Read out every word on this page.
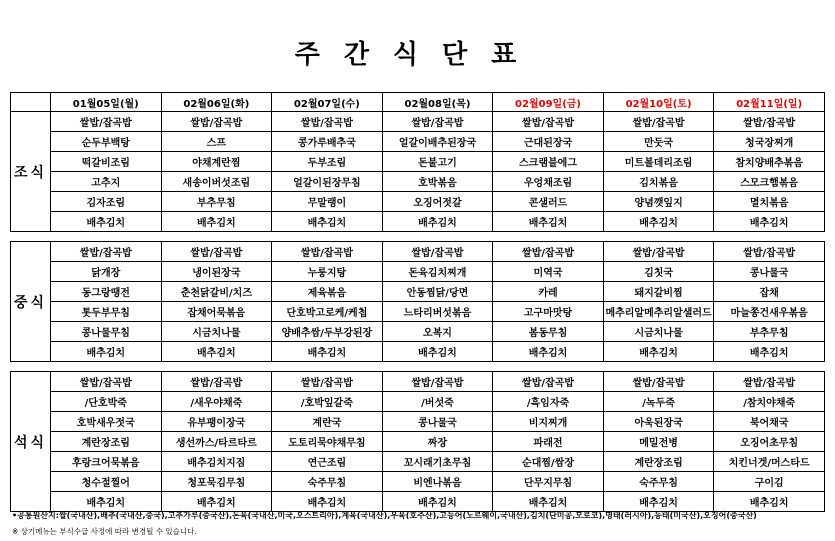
주간식단표
	01월05일(월)	02월06일(화)	02월07일(수)	02월08일(목)	02월09일(금)	02월10일(토)	02월11일(일)
조식	쌀밥/잡곡밥	쌀밥/잡곡밥	쌀밥/잡곡밥	쌀밥/잡곡밥	쌀밥/잡곡밥	쌀밥/잡곡밥	쌀밥/잡곡밥
	순두부백탕	스프	콩가루배추국	얼갈이배추된장국	근대된장국	만둣국	청국장찌개
	떡갈비조림	야채계란찜	두부조림	돈불고기	스크램블에그	미트볼데리조림	참치양배추볶음
	고추지	새송이버섯조림	얼갈이된장무침	호박볶음	우엉채조림	김치볶음	스모크햄볶음
	김자조림	부추무침	무말랭이	오징어젓갈	콘샐러드	양념깻잎지	멸치볶음
	배추김치	배추김치	배추김치	배추김치	배추김치	배추김치	배추김치

중식	쌀밥/잡곡밥	쌀밥/잡곡밥	쌀밥/잡곡밥	쌀밥/잡곡밥	쌀밥/잡곡밥	쌀밥/잡곡밥	쌀밥/잡곡밥
	닭개장	냉이된장국	누룽지탕	돈육김치찌개	미역국	김칫국	콩나물국
	동그랑땡전	춘천닭갈비/치즈	제육볶음	안동찜닭/당면	카레	돼지갈비찜	잡채
	톳두부무침	잡채어묵볶음	단호박고로케/케첩	느타리버섯볶음	고구마맛탕	메추리알메추리알샐러드	마늘쫑건새우볶음
	콩나물무침	시금치나물	양배추쌈/두부강된장	오복지	봄동무침	시금치나물	부추무침
	배추김치	배추김치	배추김치	배추김치	배추김치	배추김치	배추김치

석식	쌀밥/잡곡밥	쌀밥/잡곡밥	쌀밥/잡곡밥	쌀밥/잡곡밥	쌀밥/잡곡밥	쌀밥/잡곡밥	쌀밥/잡곡밥
	/단호박죽	/새우야채죽	/호박잎갈죽	/버섯죽	/흑임자죽	/녹두죽	/참치야채죽
	호박새우젓국	유부팽이장국	계란국	콩나물국	비지찌개	아욱된장국	북어채국
	계란장조림	생선까스/타르타르	도토리묵야채무침	짜장	파래전	메밀전병	오징어초무침
	후랑크어묵볶음	배추김치지짐	연근조림	꼬시래기초무침	순대찜/쌈장	계란장조림	치킨너겟/머스타드
	청수절찔어	청포묵김무침	숙주무침	비엔나볶음	단무지무침	숙주무침	구이김
	배추김치	배추김치	배추김치	배추김치	배추김치	배추김치	배추김치
•공통원산지:쌀(국내산),배추(국내산,중국),고추가루(중국산),돈육(국내산,미국,오스트리아),계육(국내산),우육(호주산),고등어(노르웨이,국내산),김치(단미공,모로코),명태(러시아),동태(미국산),오징어(중국산)
※ 상기메뉴는 부식수급 사정에 따라 변경될 수 있습니다.
